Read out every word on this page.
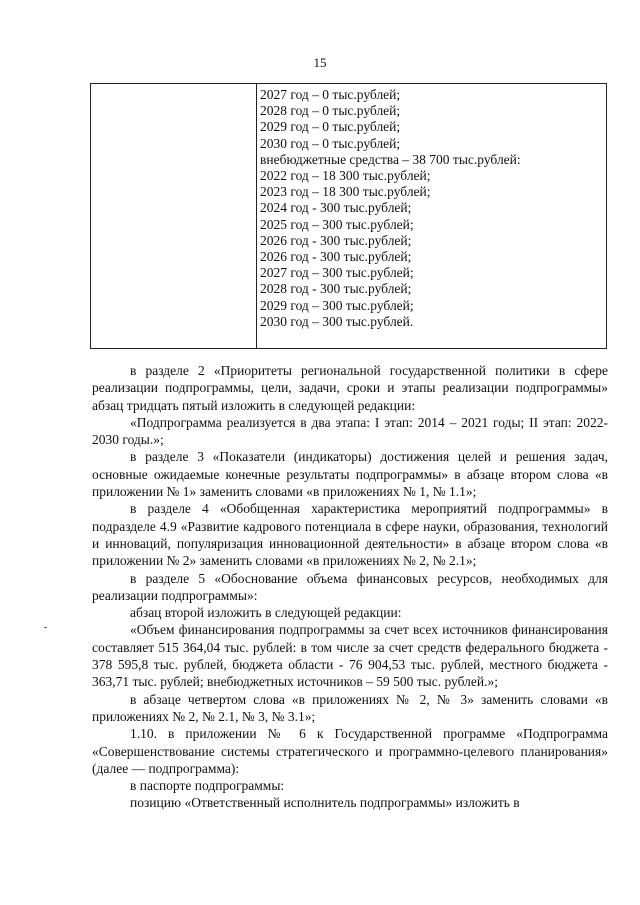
15
2027 год – 0 тыс.рублей;
2028 год – 0 тыс.рублей;
2029 год – 0 тыс.рублей;
2030 год – 0 тыс.рублей;
внебюджетные средства – 38 700 тыс.рублей:
2022 год – 18 300 тыс.рублей;
2023 год – 18 300 тыс.рублей;
2024 год - 300 тыс.рублей;
2025 год – 300 тыс.рублей;
2026 год - 300 тыс.рублей;
2026 год - 300 тыс.рублей;
2027 год – 300 тыс.рублей;
2028 год - 300 тыс.рублей;
2029 год – 300 тыс.рублей;
2030 год – 300 тыс.рублей.

в разделе 2 «Приоритеты региональной государственной политики в сфере реализации подпрограммы, цели, задачи, сроки и этапы реализации подпрограммы» абзац тридцать пятый изложить в следующей редакции:

«Подпрограмма реализуется в два этапа: I этап: 2014 – 2021 годы; II этап: 2022-2030 годы.»;

в разделе 3 «Показатели (индикаторы) достижения целей и решения задач, основные ожидаемые конечные результаты подпрограммы» в абзаце втором слова «в приложении № 1» заменить словами «в приложениях № 1, № 1.1»;

в разделе 4 «Обобщенная характеристика мероприятий подпрограммы» в подразделе 4.9 «Развитие кадрового потенциала в сфере науки, образования, технологий и инноваций, популяризация инновационной деятельности» в абзаце втором слова «в приложении № 2» заменить словами «в приложениях № 2, № 2.1»;

в разделе 5 «Обоснование объема финансовых ресурсов, необходимых для реализации подпрограммы»:

абзац второй изложить в следующей редакции:

«Объем финансирования подпрограммы за счет всех источников финансирования составляет 515 364,04 тыс. рублей: в том числе за счет средств федерального бюджета - 378 595,8 тыс. рублей, бюджета области - 76 904,53 тыс. рублей, местного бюджета - 363,71 тыс. рублей; внебюджетных источников – 59 500 тыс. рублей.»;

в абзаце четвертом слова «в приложениях № 2, № 3» заменить словами «в приложениях № 2, № 2.1, № 3, № 3.1»;

1.10. в приложении № 6 к Государственной программе «Подпрограмма «Совершенствование системы стратегического и программно-целевого планирования» (далее — подпрограмма):

в паспорте подпрограммы:

позицию «Ответственный исполнитель подпрограммы» изложить в
